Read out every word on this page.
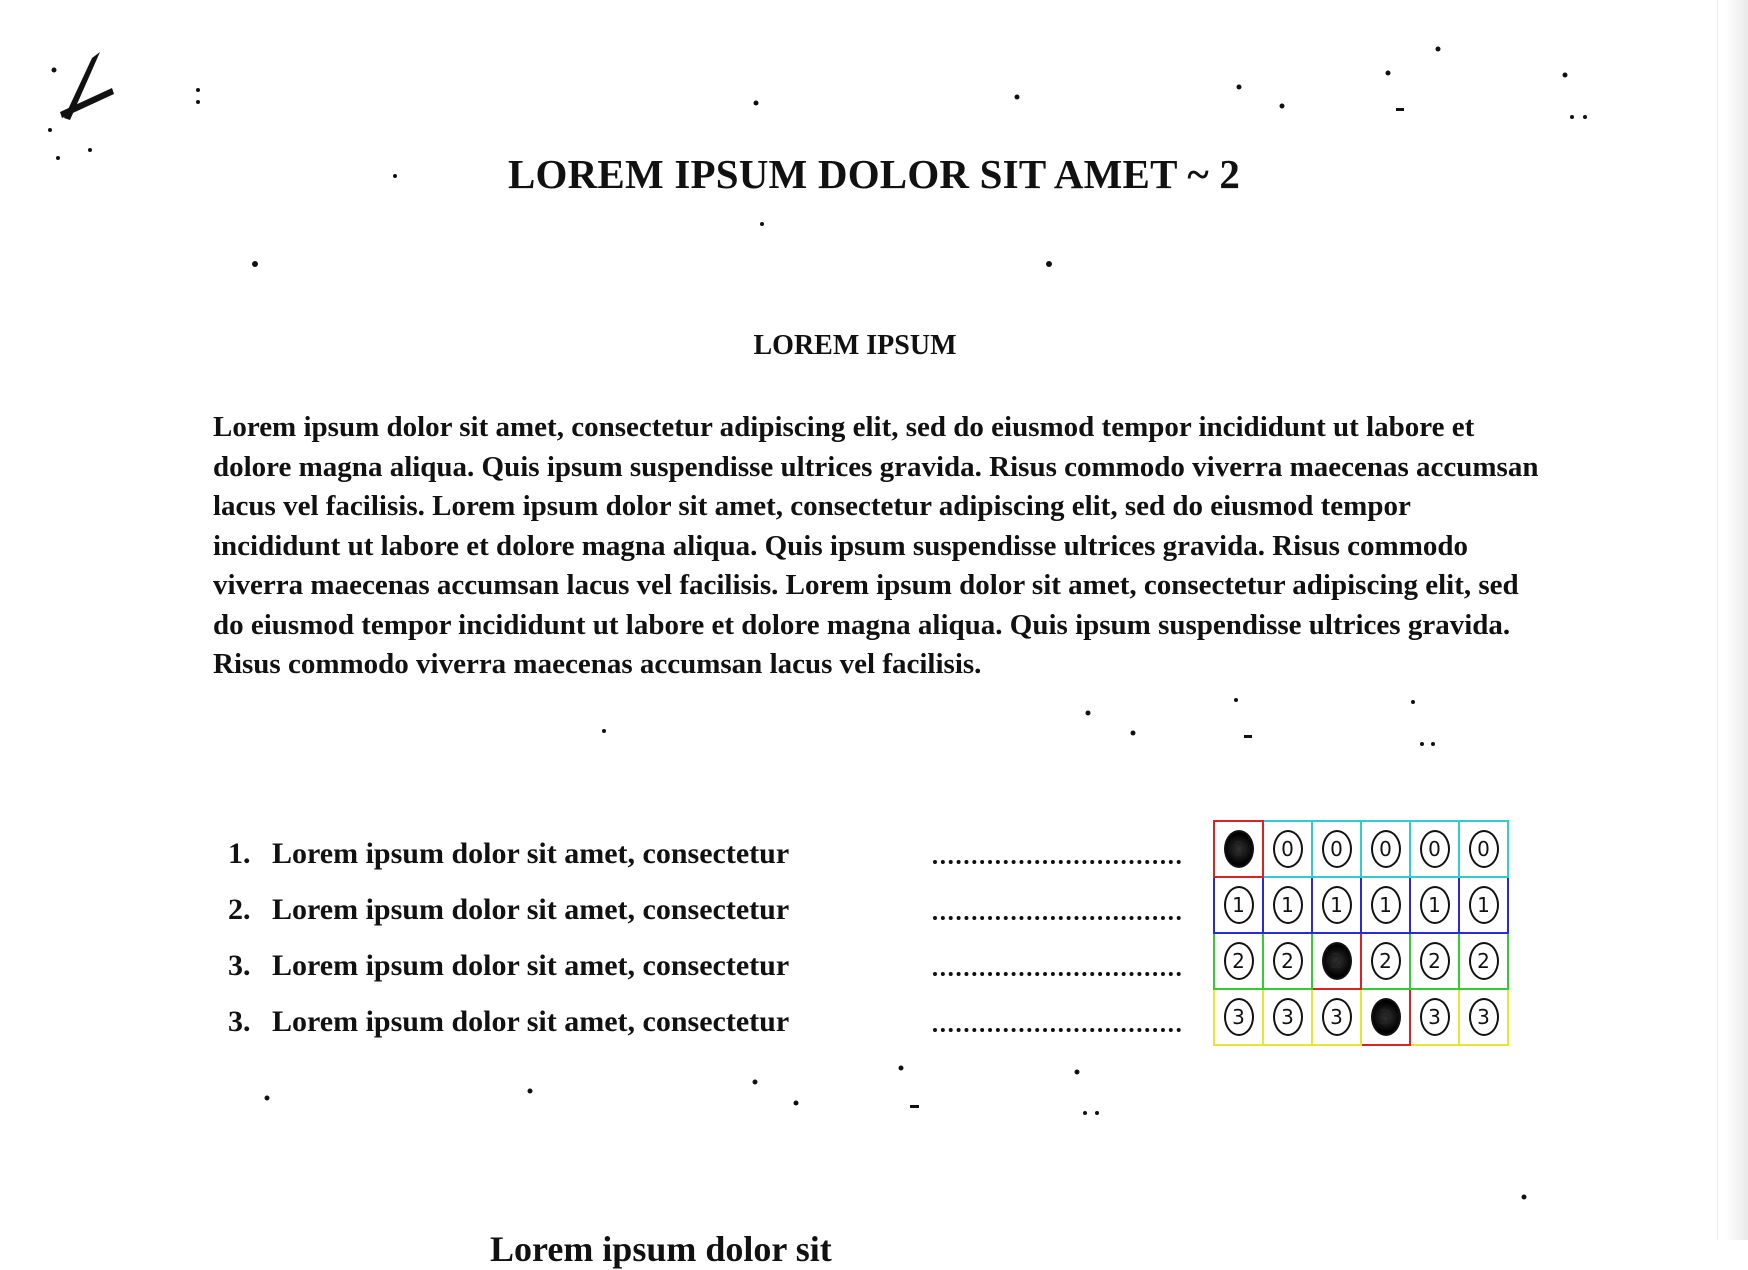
LOREM IPSUM DOLOR SIT AMET ~ 2
LOREM IPSUM

Lorem ipsum dolor sit amet, consectetur adipiscing elit, sed do eiusmod tempor incididunt ut labore et dolore magna aliqua. Quis ipsum suspendisse ultrices gravida. Risus commodo viverra maecenas accumsan lacus vel facilisis. Lorem ipsum dolor sit amet, consectetur adipiscing elit, sed do eiusmod tempor incididunt ut labore et dolore magna aliqua. Quis ipsum suspendisse ultrices gravida. Risus commodo viverra maecenas accumsan lacus vel facilisis. Lorem ipsum dolor sit amet, consectetur adipiscing elit, sed do eiusmod tempor incididunt ut labore et dolore magna aliqua. Quis ipsum suspendisse ultrices gravida. Risus commodo viverra maecenas accumsan lacus vel facilisis.

1. Lorem ipsum dolor sit amet, consectetur
2. Lorem ipsum dolor sit amet, consectetur
3. Lorem ipsum dolor sit amet, consectetur
3. Lorem ipsum dolor sit amet, consectetur
0	0	0	0	0	0
1	1	1	1	1	1
2	2	2	2	2	2
3	3	3	3	3	3
Lorem ipsum dolor sit
